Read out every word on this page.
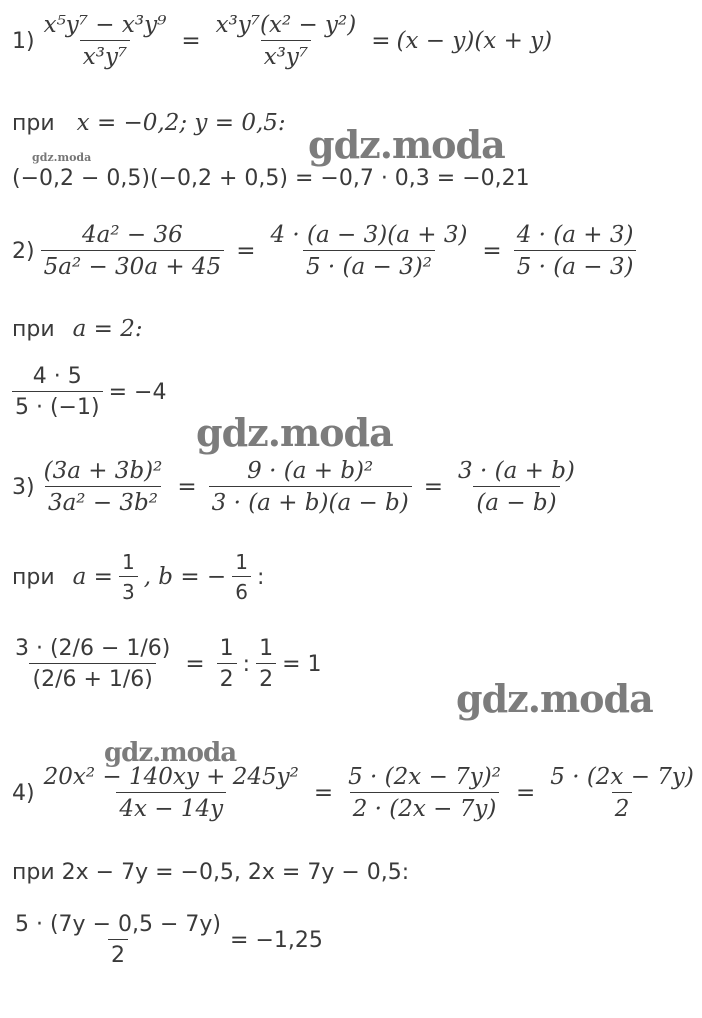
$1) \frac{\text{x⁵y⁷ − x³y⁹}}{\text{x³y⁷}} = \frac{\text{x³y⁷(x² − y²)}}{\text{x³y⁷}} = (x - y)(x + y)$
при x = −0,2; y = 0,5:
(−0,2 − 0,5)(−0,2 + 0,5) = −0,7 · 0,3 = −0,21
$2) \frac{\text{4a² − 36}}{\text{5a² − 30a + 45}} = \frac{4 \cdot (a - 3)(a + 3)}{\text{5 · (a − 3)²}} = \frac{4 \cdot (a + 3)}{5 \cdot (a - 3)}$
при a = 2:
$\frac{4 \cdot 5}{5 \cdot (-1)} = -4$
$3) \frac{\text{(3a + 3b)²}}{\text{3a² − 3b²}} = \frac{\text{9 · (a + b)²}}{3 \cdot (a + b)(a - b)} = \frac{3 \cdot (a + b)}{(a - b)}$
при $a = \frac{1}{3}$ , b = − $\frac{1}{6}$ :
$\frac{3 \cdot (2/6 - 1/6)}{(2/6 + 1/6)} = \frac{1}{2}$ : $\frac{1}{2} = 1$
$4) \frac{\text{20x² − 140xy + 245y²}}{4x - 14y} = \frac{\text{5 · (2x − 7y)²}}{2 \cdot (2x - 7y)} = \frac{5 \cdot (2x - 7y)}{2}$
при 2x − 7y = −0,5, 2x = 7y − 0,5:
$\frac{5 \cdot (7y - 0,5 - 7y)}{2} = -1,25$
gdz.moda
gdz.moda
gdz.moda
gdz.moda
gdz.moda
